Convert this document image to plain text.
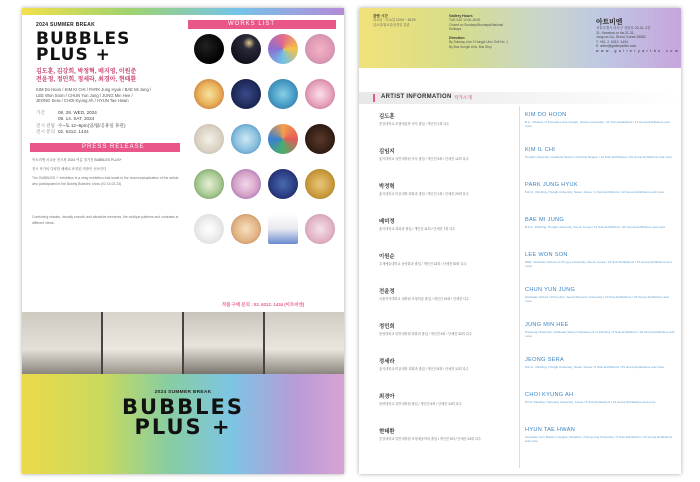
2024 SUMMER BREAK
BUBBLES
PLUS +
김도훈, 김강희, 박정혁, 배지영, 이원준
전윤정, 정민희, 정세라, 최경아, 현태환
KIM Do Hoon / KIM KI CHI / PARK Jung Hyuk / BAE Mi Jung /
LEE Won Soon / CHUN Yun Jung / JUNG Min Hee /
JEONG Sera / CHOI Kyung Ah / HYUN Tae Hwan
기간	08. 28. WED, 2024
09. 14. SAT, 2024
전시 관람 수~토 12~6pm(일/월/공휴일 휴관)
전시 문의 02. 6312. 1434
WORKS LIST
PRESS RELEASE

아트비엔 서교동 전시장 2024 여름 정기전 BUBBLES PLUS+

전시 작가의 다양한 매체로 표현된 작품이 선보인다

The 'BUBBLES +' exhibition is a relay exhibition that leads to the reconceptualization of the artists who participated in the Bubbly Bubbles' show (02.15-02.23).

Combining shades, visually smooth and attractive elements, the multiple patterns and contrasts in different views.

작품 구매 문의 : 02. 6312. 1434 (아트비엔)
2024 SUMMER BREAK
BUBBLES
PLUS +
관람 시간
화요일 ~ 토요일 12:00 ~ 18:00
일요일/월요일/공휴일 휴관
Gallery Hours
TUE-SAT 12:00-18:00
Closed on Sundays/Mondays/National Holidays
Direction
By Subway Line 2 Hongik Univ. Exit No. 1
By Bus Hongik Univ. Bus Stop
아트비엔
서울특별시 마포구 상암동 22-31, 2층
21, Sanchon-ro 6a-21-31,
Jong-no-Gu, Seoul, Korea 05062
T. +82. 2. 6312. 1434
E. artbn@galleryartbn.com
w w w . g a l l e r y a r t b n . c o m
ARTIST INFORMATION 작가소개
김도훈
중앙대학교 조형예술학 석사 졸업 / 개인전 1회 다수
김임지
홍익대학교 일반대학원 석사 졸업 / 개인전 3회 / 단체전 12회 다수
박정혁
홍익대학교 미술대학 회화과 졸업 / 개인전 1회 / 단체전 20회 다수
배미정
홍익대학교 회화과 졸업 / 개인전 11회 / 단체전 7회 다수
이원순
추계예술대학교 동양화과 졸업 / 개인전 13회 / 단체전 50회 다수
전윤정
서울여자대학교 대학원 조형미술 졸업 / 개인전 19회 / 단체전 다수
정민희
한성대학교 일반대학원 회화과 졸업 / 개인전 6회 / 단체전 32회 다수
정세라
홍익대학교 미술대학 회화과 졸업 / 개인전 8회 / 단체전 12회 다수
최경아
한양대학교 일반대학원 졸업 / 개인전 6회 / 단체전 14회 다수
현태환
중앙대학교 일반대학원 조형예술학과 졸업 / 개인전 5회 / 단체전 23회 다수
KIM DO HOON
B.A., Division of Formative Arts Design, Suwon University / 11 Solo Exhibitions / 11 Group Exhibitions and more
KIM IL CHI
Hongik University, Graduate School, Doctoral Degree / 12 Solo Exhibitions / 29 Group Exhibitions and more
PARK JUNG HYUK
M.F.A., Painting, Hongik University, Seoul, Korea / 1 Solo Exhibitions / 12 Group Exhibitions and more
BAE MI JUNG
B.F.A., Painting, Hongik University, Seoul, Korea / 11 Solo Exhibitions / 40 Group Exhibitions and more
LEE WON SON
MFA, Graduate School of chu gye University, Seoul, Korea / 13 Solo Exhibitions / 57 Group Exhibitions and more
CHUN YUN JUNG
Graduate School of Fine Arts, Seoul Women's University / 19 Solo Exhibitions / 32 Group Exhibitions and more
JUNG MIN HEE
Hansung University, Graduate School, Department of Painting / 6 Solo Exhibitions / 29 Group Exhibitions and more
JEONG SERA
M.F.A., Painting, Hongik University, Seoul, Korea / 6 Solo Exhibitions / 51 Group Exhibitions and more
CHOI KYUNG AH
Ph.D. Painting, Hanyang University, Korea / 6 Solo Exhibitions / 14 Group Exhibitions and more
HYUN TAE HWAN
Graduate from Master's degree Sculpture, Chung-Ang University / 5 Solo Exhibitions / 23 Group Exhibitions and more
